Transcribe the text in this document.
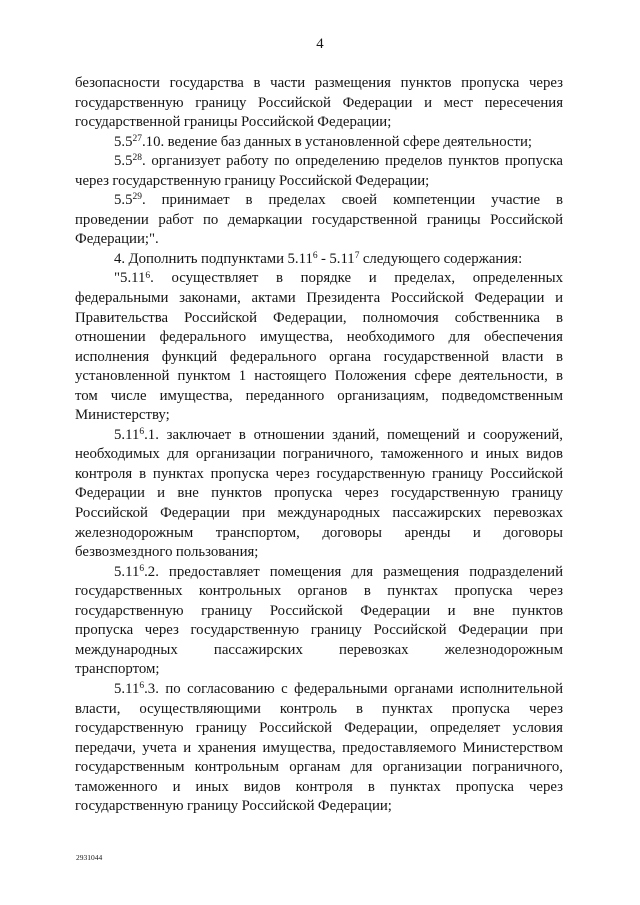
4
безопасности государства в части размещения пунктов пропуска через
государственную границу Российской Федерации и мест пересечения
государственной границы Российской Федерации;
$5.5^{27}.10$. ведение баз данных в установленной сфере деятельности;
$5.5^{28}$. организует работу по определению пределов пунктов пропуска
через государственную границу Российской Федерации;
$5.5^{29}$. принимает в пределах своей компетенции участие в
проведении работ по демаркации государственной границы Российской
Федерации;".
4. Дополнить подпунктами 5.11$^6$ - 5.11$^7$ следующего содержания:
"5.11$^6$. осуществляет в порядке и пределах, определенных
федеральными законами, актами Президента Российской Федерации и
Правительства Российской Федерации, полномочия собственника в
отношении федерального имущества, необходимого для обеспечения
исполнения функций федерального органа государственной власти в
установленной пунктом 1 настоящего Положения сфере деятельности, в
том числе имущества, переданного организациям, подведомственным
Министерству;
5.11$^6$.1. заключает в отношении зданий, помещений и сооружений,
необходимых для организации пограничного, таможенного и иных видов
контроля в пунктах пропуска через государственную границу Российской
Федерации и вне пунктов пропуска через государственную границу
Российской Федерации при международных пассажирских перевозках
железнодорожным транспортом, договоры аренды и договоры
безвозмездного пользования;
5.11$^6$.2. предоставляет помещения для размещения подразделений
государственных контрольных органов в пунктах пропуска через
государственную границу Российской Федерации и вне пунктов
пропуска через государственную границу Российской Федерации при
международных пассажирских перевозках железнодорожным
транспортом;
5.11$^6$.3. по согласованию с федеральными органами исполнительной
власти, осуществляющими контроль в пунктах пропуска через
государственную границу Российской Федерации, определяет условия
передачи, учета и хранения имущества, предоставляемого Министерством
государственным контрольным органам для организации пограничного,
таможенного и иных видов контроля в пунктах пропуска через
государственную границу Российской Федерации;
2931044
